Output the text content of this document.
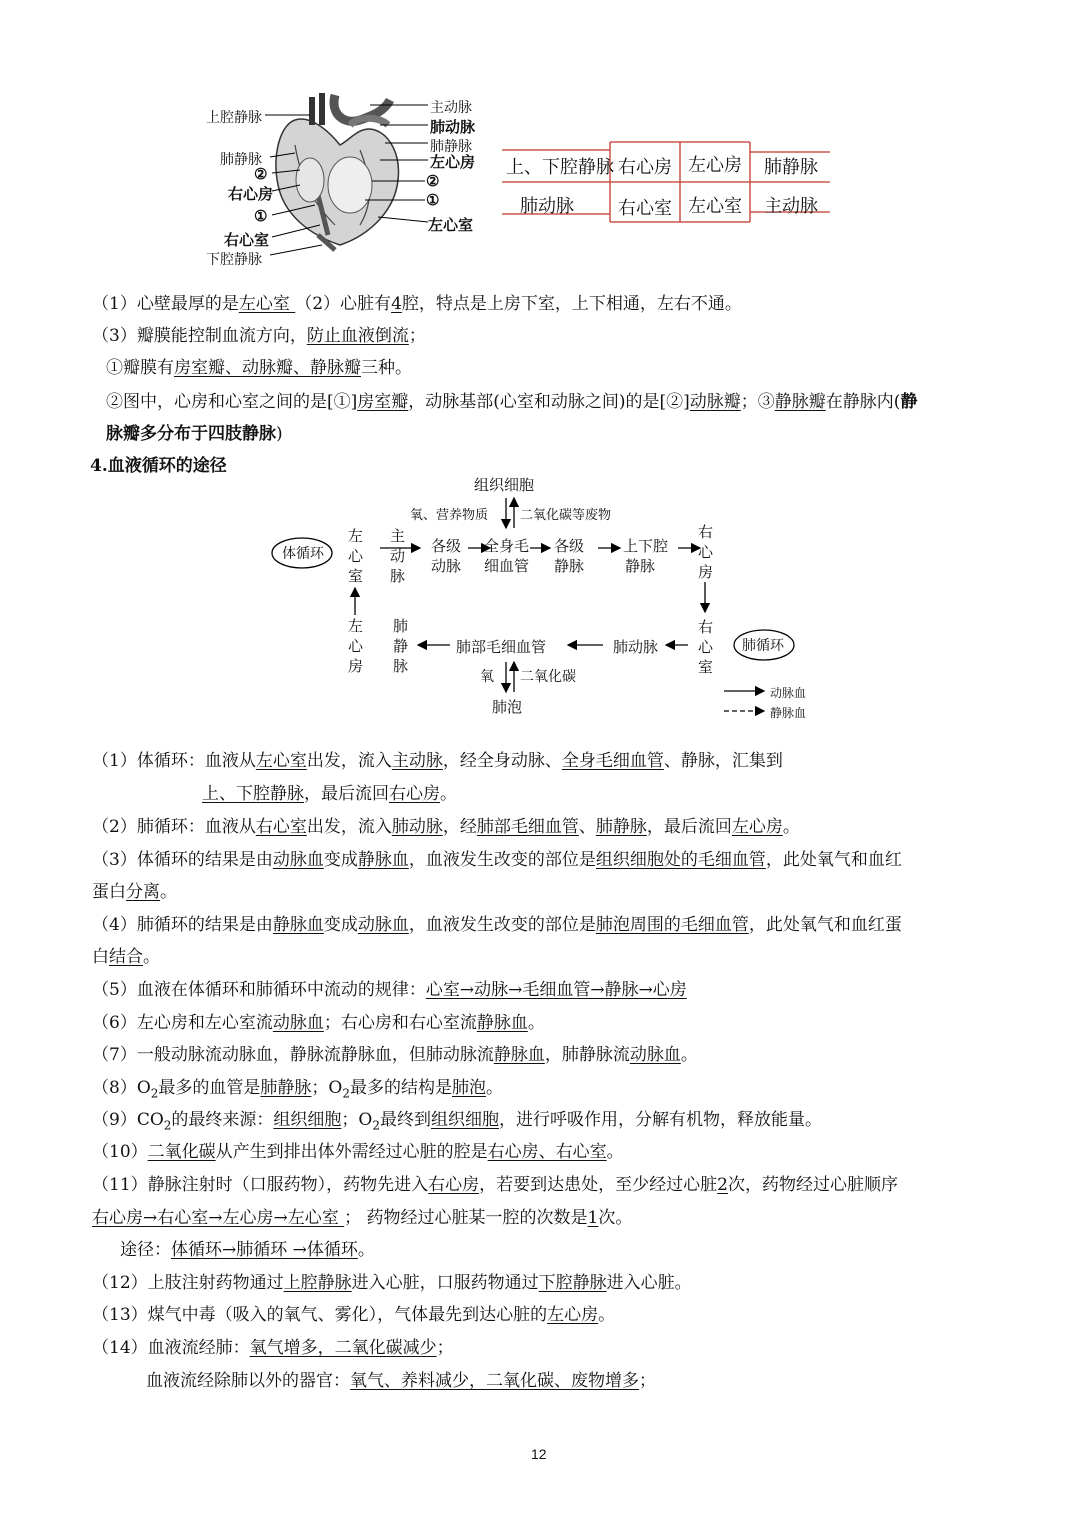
上腔静脉
肺静脉
②
右心房
①
右心室
下腔静脉
主动脉
肺动脉
肺静脉
左心房
②
①
左心室
上、下腔静脉 右心房 左心房 肺静脉
肺动脉 右心室 左心室 主动脉
（1）心壁最厚的是左心室 （2）心脏有4腔，特点是上房下室，上下相通，左右不通。
（3）瓣膜能控制血流方向，防止血液倒流；
①瓣膜有房室瓣、动脉瓣、静脉瓣三种。
②图中，心房和心室之间的是[①]房室瓣，动脉基部(心室和动脉之间)的是[②]动脉瓣；③静脉瓣在静脉内(静
脉瓣多分布于四肢静脉)
4.血液循环的途径
组织细胞
氧、营养物质 二氧化碳等废物
体循环
肺循环
左心室
主动脉
各级动脉
全身毛
细血管
各级静脉
上下腔
静脉
右心房
右心室
肺动脉
肺部毛细血管
肺静脉
左心房
氧 二氧化碳
肺泡
动脉血
静脉血
（1）体循环：血液从左心室出发，流入主动脉，经全身动脉、全身毛细血管、静脉，汇集到
上、下腔静脉，最后流回右心房。
（2）肺循环：血液从右心室出发，流入肺动脉，经肺部毛细血管、肺静脉，最后流回左心房。
（3）体循环的结果是由动脉血变成静脉血，血液发生改变的部位是组织细胞处的毛细血管，此处氧气和血红
蛋白分离。
（4）肺循环的结果是由静脉血变成动脉血，血液发生改变的部位是肺泡周围的毛细血管，此处氧气和血红蛋
白结合。
（5）血液在体循环和肺循环中流动的规律：心室→动脉→毛细血管→静脉→心房
（6）左心房和左心室流动脉血；右心房和右心室流静脉血。
（7）一般动脉流动脉血，静脉流静脉血，但肺动脉流静脉血，肺静脉流动脉血。
$(8)O_2$最多的血管是肺静脉；$O_2$最多的结构是肺泡。
$(9)CO_2$的最终来源：组织细胞；$O_2$最终到组织细胞，进行呼吸作用，分解有机物，释放能量。
（10）二氧化碳从产生到排出体外需经过心脏的腔是右心房、右心室。
（11）静脉注射时（口服药物），药物先进入右心房，若要到达患处，至少经过心脏2次，药物经过心脏顺序
右心房→右心室→左心房→左心室 ； 药物经过心脏某一腔的次数是1次。
途径：体循环→肺循环 →体循环。
（12）上肢注射药物通过上腔静脉进入心脏，口服药物通过下腔静脉进入心脏。
（13）煤气中毒（吸入的氧气、雾化），气体最先到达心脏的左心房。
（14）血液流经肺：氧气增多，二氧化碳减少；
血液流经除肺以外的器官：氧气、养料减少，二氧化碳、废物增多；
12
